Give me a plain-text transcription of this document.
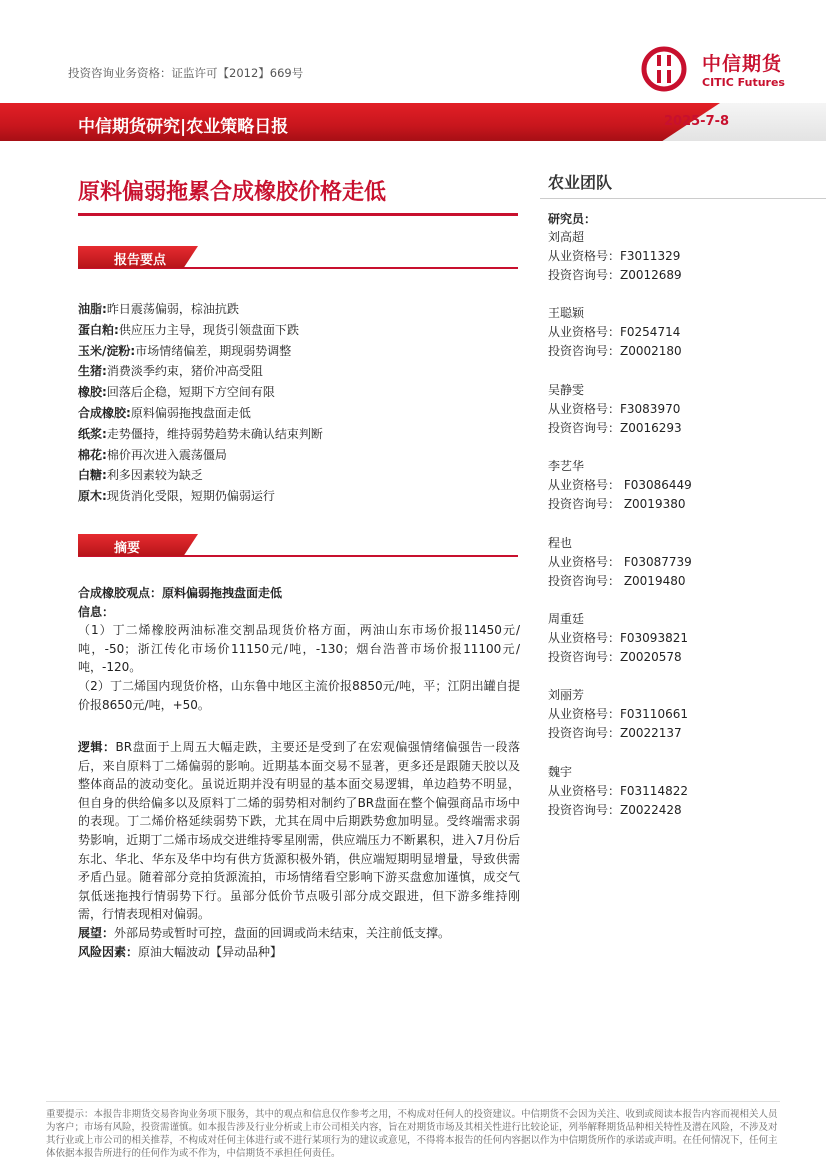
投资咨询业务资格：证监许可【2012】669号	中信期货
CITIC Futures
中信期货研究|农业策略日报	2025-7-8
原料偏弱拖累合成橡胶价格走低
报告要点
油脂:昨日震荡偏弱，棕油抗跌
蛋白粕:供应压力主导，现货引领盘面下跌
玉米/淀粉:市场情绪偏差，期现弱势调整
生猪:消费淡季约束，猪价冲高受阻
橡胶:回落后企稳，短期下方空间有限
合成橡胶:原料偏弱拖拽盘面走低
纸浆:走势僵持，维持弱势趋势未确认结束判断
棉花:棉价再次进入震荡僵局
白糖:利多因素较为缺乏
原木:现货消化受限，短期仍偏弱运行
摘要

合成橡胶观点：原料偏弱拖拽盘面走低

信息：

（1）丁二烯橡胶两油标准交割品现货价格方面，两油山东市场价报11450元/吨，-50；浙江传化市场价11150元/吨，-130；烟台浩普市场价报11100元/吨，-120。

（2）丁二烯国内现货价格，山东鲁中地区主流价报8850元/吨，平；江阴出罐自提价报8650元/吨，+50。

逻辑：BR盘面于上周五大幅走跌，主要还是受到了在宏观偏强情绪偏强告一段落后，来自原料丁二烯偏弱的影响。近期基本面交易不显著，更多还是跟随天胶以及整体商品的波动变化。虽说近期并没有明显的基本面交易逻辑，单边趋势不明显，但自身的供给偏多以及原料丁二烯的弱势相对制约了BR盘面在整个偏强商品市场中的表现。丁二烯价格延续弱势下跌，尤其在周中后期跌势愈加明显。受终端需求弱势影响，近期丁二烯市场成交进维持零星刚需，供应端压力不断累积，进入7月份后东北、华北、华东及华中均有供方货源积极外销，供应端短期明显增量，导致供需矛盾凸显。随着部分竞拍货源流拍，市场情绪看空影响下游买盘愈加谨慎，成交气氛低迷拖拽行情弱势下行。虽部分低价节点吸引部分成交跟进，但下游多维持刚需，行情表现相对偏弱。

展望：外部局势或暂时可控，盘面的回调或尚未结束，关注前低支撑。

风险因素：原油大幅波动【异动品种】

农业团队
研究员：
刘高超
从业资格号：F3011329
投资咨询号：Z0012689
王聪颖
从业资格号：F0254714
投资咨询号：Z0002180
吴静雯
从业资格号：F3083970
投资咨询号：Z0016293
李艺华
从业资格号： F03086449
投资咨询号： Z0019380
程也
从业资格号： F03087739
投资咨询号： Z0019480
周重廷
从业资格号：F03093821
投资咨询号：Z0020578
刘丽芳
从业资格号：F03110661
投资咨询号：Z0022137
魏宇
从业资格号：F03114822
投资咨询号：Z0022428
重要提示：本报告非期货交易咨询业务项下服务，其中的观点和信息仅作参考之用，不构成对任何人的投资建议。中信期货不会因为关注、收到或阅读本报告内容而视相关人员为客户；市场有风险，投资需谨慎。如本报告涉及行业分析或上市公司相关内容，旨在对期货市场及其相关性进行比较论证，列举解释期货品种相关特性及潜在风险，不涉及对其行业或上市公司的相关推荐，不构成对任何主体进行或不进行某项行为的建议或意见，不得将本报告的任何内容据以作为中信期货所作的承诺或声明。在任何情况下，任何主体依据本报告所进行的任何作为或不作为，中信期货不承担任何责任。
